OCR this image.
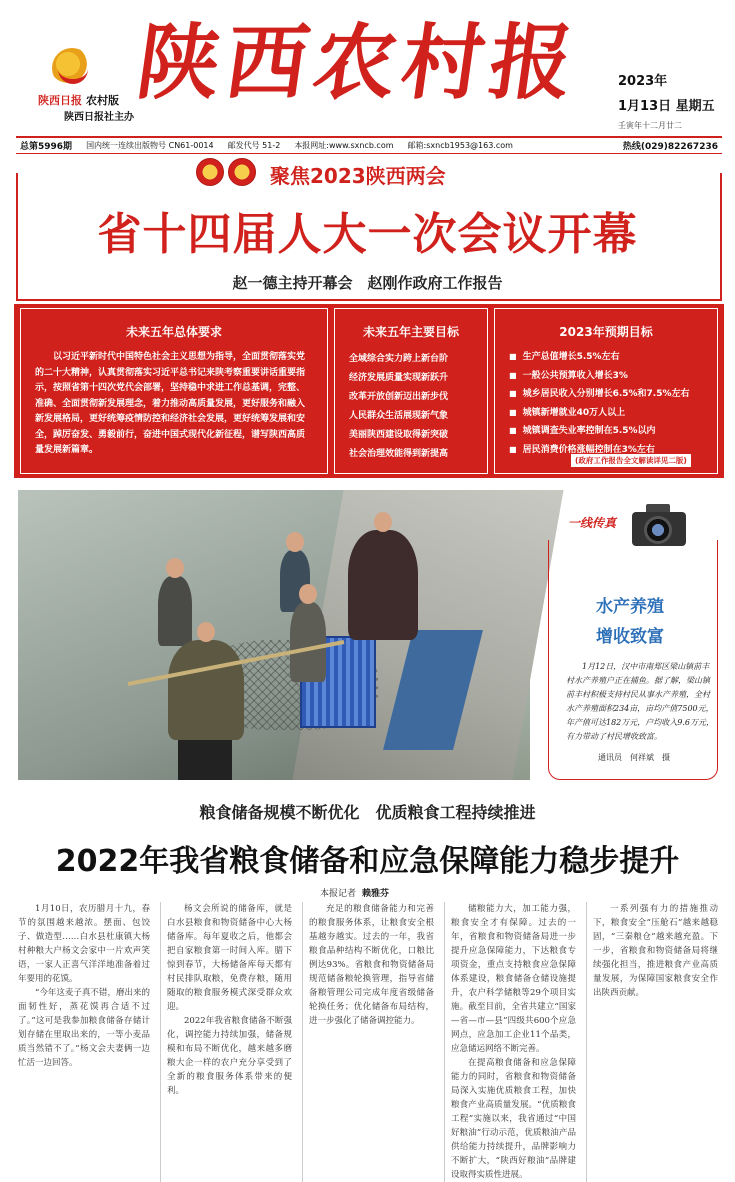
陕西日报 农村版
陕西日报社主办
陕西农村报	2023年
1月13日 星期五
壬寅年十二月廿二
总第5996期 国内统一连续出版物号 CN61-0014 邮发代号 51-2 本报网址:www.sxncb.com 邮箱:sxncb1953@163.com	热线(029)82267236
聚焦2023陕西两会
省十四届人大一次会议开幕
赵一德主持开幕会　赵刚作政府工作报告
未来五年总体要求
以习近平新时代中国特色社会主义思想为指导，全面贯彻落实党的二十大精神，认真贯彻落实习近平总书记来陕考察重要讲话重要指示，按照省第十四次党代会部署，坚持稳中求进工作总基调，完整、准确、全面贯彻新发展理念，着力推动高质量发展，更好服务和融入新发展格局，更好统筹疫情防控和经济社会发展，更好统筹发展和安全，踔厉奋发、勇毅前行，奋进中国式现代化新征程，谱写陕西高质量发展新篇章。
未来五年主要目标
全域综合实力跨上新台阶
经济发展质量实现新跃升
改革开放创新迈出新步伐
人民群众生活展现新气象
美丽陕西建设取得新突破
社会治理效能得到新提高
2023年预期目标
■ 生产总值增长5.5%左右
■ 一般公共预算收入增长3%
■ 城乡居民收入分别增长6.5%和7.5%左右
■ 城镇新增就业40万人以上
■ 城镇调查失业率控制在5.5%以内
■ 居民消费价格涨幅控制在3%左右
(政府工作报告全文解读详见二版)
一线传真
水产养殖
增收致富
1月12日，汉中市南郑区梁山镇前丰村水产养殖户正在捕鱼。据了解，梁山镇前丰村积极支持村民从事水产养殖，全村水产养殖面积234亩，亩均产值7500元，年产值可达182万元，户均收入9.6万元，有力带动了村民增收致富。
通讯员　何祥斌　摄
粮食储备规模不断优化　优质粮食工程持续推进
2022年我省粮食储备和应急保障能力稳步提升
本报记者 赖雅芬

1月10日，农历腊月十九，春节的氛围越来越浓。摆面、包饺子、做造型……白水县杜康镇大杨村种粮大户杨文会家中一片欢声笑语，一家人正喜气洋洋地准备着过年要用的花馍。

“今年这麦子真不错，磨出来的面韧性好，蒸花馍再合适不过了。”这可是我参加粮食储备存储计划存储在里取出来的，一等小麦品质当然错不了。”杨文会夫妻俩一边忙活一边回答。

杨文会所说的储备库，就是白水县粮食和物资储备中心大杨储备库。每年夏收之后，他都会把自家粮食第一时间入库。腊下惊到春节，大杨储备库每天都有村民排队取粮，免费存粮，随用随取的粮食服务模式深受群众欢迎。

2022年我省粮食储备不断强化，调控能力持续加强，储备规模和布局不断优化，越来越多磨粮大企一样的农户充分享受到了全新的粮食服务体系带来的便利。

充足的粮食储备能力和完善的粮食服务体系，让粮食安全根基越夯越实。过去的一年，我省粮食品种结构不断优化，口粮比例达93%。省粮食和物资储备局规范储备粮轮换管理，指导省储备粮管理公司完成年度省级储备轮换任务；优化储备布局结构，进一步强化了储备调控能力。

储粮能力大，加工能力强，粮食安全才有保障。过去的一年，省粮食和物资储备局进一步提升应急保障能力，下达粮食专项资金，重点支持粮食应急保障体系建设，粮食储备仓储设施提升，农户科学储粮等29个项目实施。截至目前，全省共建立“国家—省—市—县”四级共600个应急网点，应急加工企业11个品类，应急储运网络不断完善。

在提高粮食储备和应急保障能力的同时，省粮食和物资储备局深入实施优质粮食工程，加快粮食产业高质量发展。“优质粮食工程”实施以来，我省通过“中国好粮油”行动示范，优质粮油产品供给能力持续提升，品牌影响力不断扩大，“陕西好粮油”品牌建设取得实质性进展。

一系列强有力的措施推动下，粮食安全“压舱石”越来越稳固，“三秦粮仓”越来越充盈。下一步，省粮食和物资储备局将继续强化担当，推进粮食产业高质量发展，为保障国家粮食安全作出陕西贡献。
